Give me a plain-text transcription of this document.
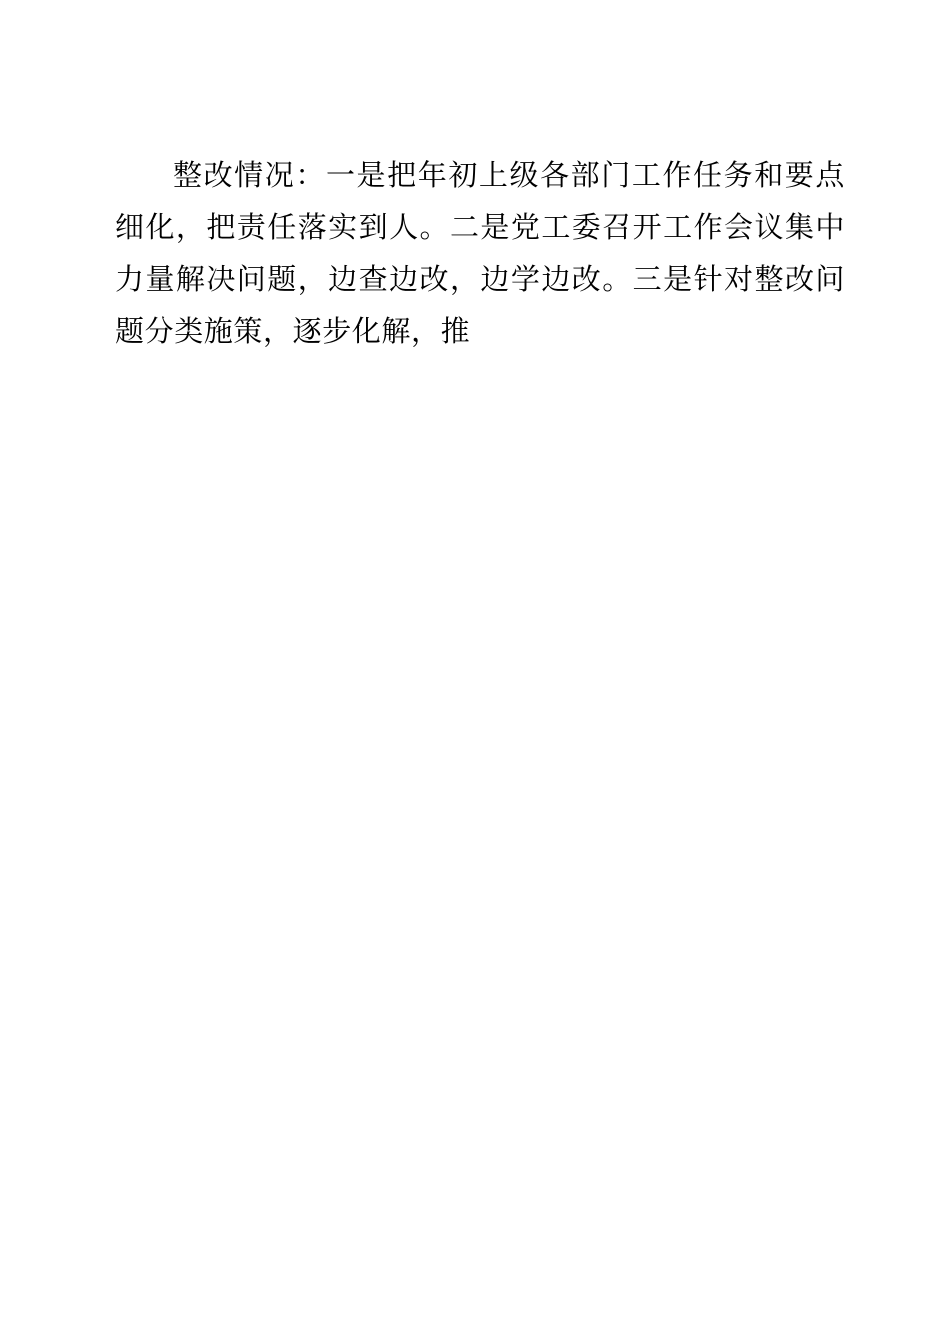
整改情况：一是把年初上级各部门工作任务和要点细化，把责任落实到人。二是党工委召开工作会议集中力量解决问题，边查边改，边学边改。三是针对整改问题分类施策，逐步化解，推
